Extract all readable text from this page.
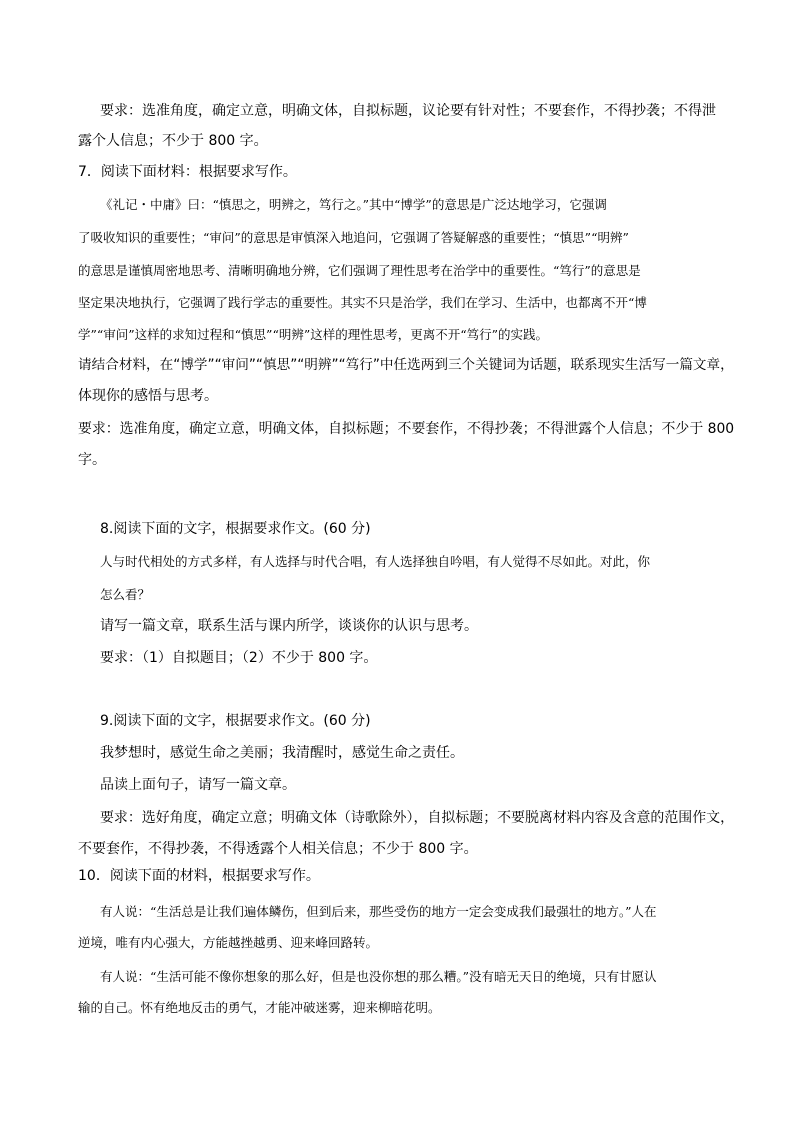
要求：选准角度，确定立意，明确文体，自拟标题，议论要有针对性；不要套作，不得抄袭；不得泄
露个人信息；不少于 800 字。
7．阅读下面材料：根据要求写作。
《礼记・中庸》曰：“慎思之，明辨之，笃行之。”其中“博学”的意思是广泛达地学习，它强调
了吸收知识的重要性；“审问”的意思是审慎深入地追问，它强调了答疑解惑的重要性；“慎思”“明辨”
的意思是谨慎周密地思考、清晰明确地分辨，它们强调了理性思考在治学中的重要性。“笃行”的意思是
坚定果决地执行，它强调了践行学志的重要性。其实不只是治学，我们在学习、生活中，也都离不开“博
学”“审问”这样的求知过程和“慎思”“明辨”这样的理性思考，更离不开“笃行”的实践。
请结合材料，在“博学”“审问”“慎思”“明辨”“笃行”中任选两到三个关键词为话题，联系现实生活写一篇文章，
体现你的感悟与思考。
要求：选准角度，确定立意，明确文体，自拟标题；不要套作，不得抄袭；不得泄露个人信息；不少于 800
字。
8.阅读下面的文字，根据要求作文。(60 分)
人与时代相处的方式多样，有人选择与时代合唱，有人选择独自吟唱，有人觉得不尽如此。对此，你
怎么看？
请写一篇文章，联系生活与课内所学，谈谈你的认识与思考。
要求：（1）自拟题目；（2）不少于 800 字。
9.阅读下面的文字，根据要求作文。(60 分)
我梦想时，感觉生命之美丽；我清醒时，感觉生命之责任。
品读上面句子，请写一篇文章。
要求：选好角度，确定立意；明确文体（诗歌除外），自拟标题；不要脱离材料内容及含意的范围作文，
不要套作，不得抄袭，不得透露个人相关信息；不少于 800 字。
10．阅读下面的材料，根据要求写作。
有人说：“生活总是让我们遍体鳞伤，但到后来，那些受伤的地方一定会变成我们最强壮的地方。”人在
逆境，唯有内心强大，方能越挫越勇、迎来峰回路转。
有人说：“生活可能不像你想象的那么好，但是也没你想的那么糟。”没有暗无天日的绝境，只有甘愿认
输的自己。怀有绝地反击的勇气，才能冲破迷雾，迎来柳暗花明。
